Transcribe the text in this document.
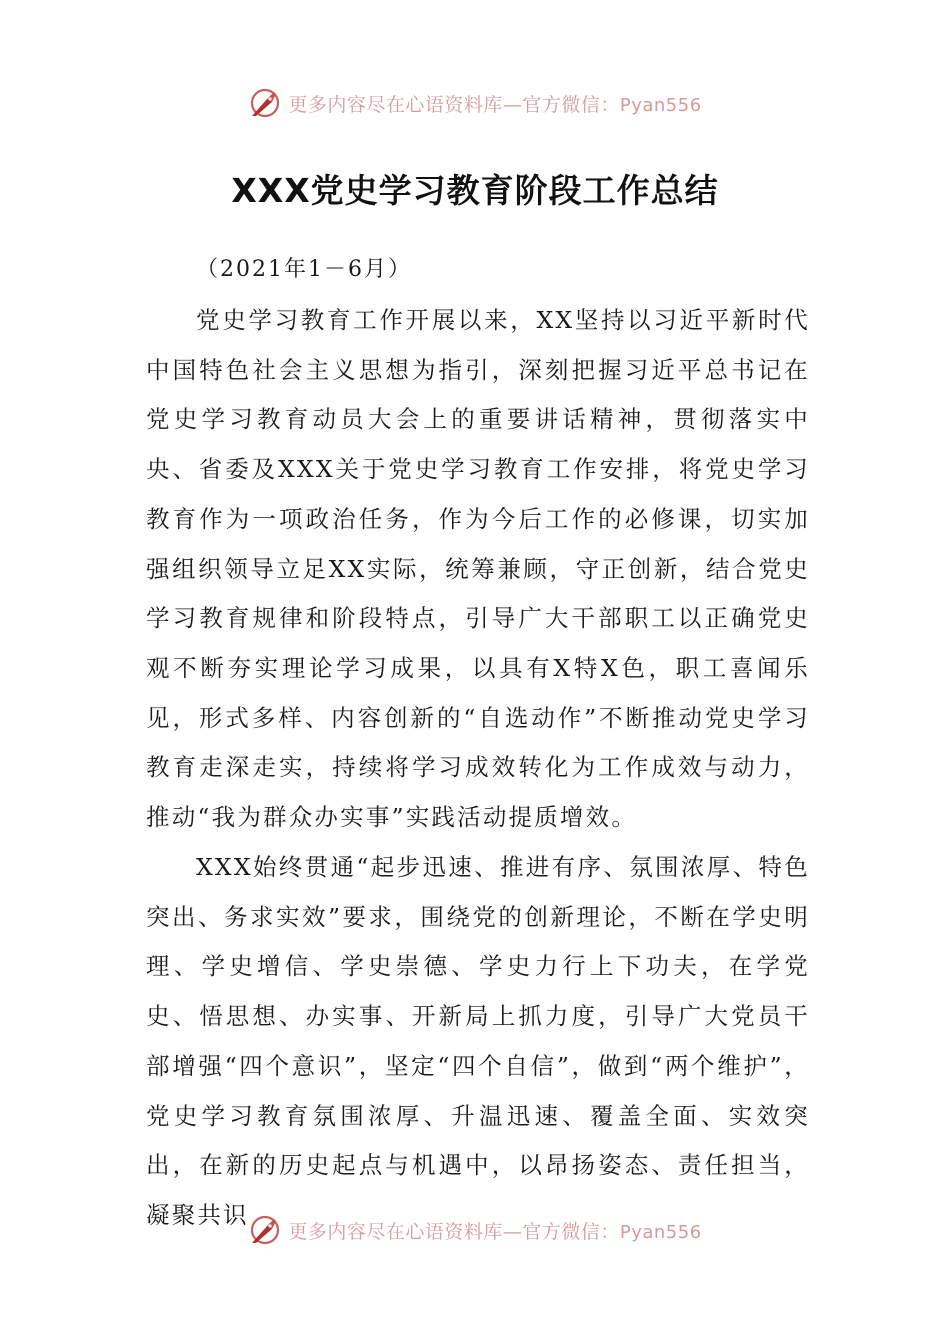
更多内容尽在心语资料库—官方微信：Pyan556
XXX党史学习教育阶段工作总结

（2021年1－6月）

党史学习教育工作开展以来，XX坚持以习近平新时代中国特色社会主义思想为指引，深刻把握习近平总书记在党史学习教育动员大会上的重要讲话精神，贯彻落实中央、省委及XXX关于党史学习教育工作安排，将党史学习教育作为一项政治任务，作为今后工作的必修课，切实加强组织领导立足XX实际，统筹兼顾，守正创新，结合党史学习教育规律和阶段特点，引导广大干部职工以正确党史观不断夯实理论学习成果，以具有X特X色，职工喜闻乐见，形式多样、内容创新的“自选动作”不断推动党史学习教育走深走实，持续将学习成效转化为工作成效与动力，推动“我为群众办实事”实践活动提质增效。

XXX始终贯通“起步迅速、推进有序、氛围浓厚、特色突出、务求实效”要求，围绕党的创新理论，不断在学史明理、学史增信、学史崇德、学史力行上下功夫，在学党史、悟思想、办实事、开新局上抓力度，引导广大党员干部增强“四个意识”，坚定“四个自信”，做到“两个维护”，党史学习教育氛围浓厚、升温迅速、覆盖全面、实效突出，在新的历史起点与机遇中，以昂扬姿态、责任担当，凝聚共识

更多内容尽在心语资料库—官方微信：Pyan556
